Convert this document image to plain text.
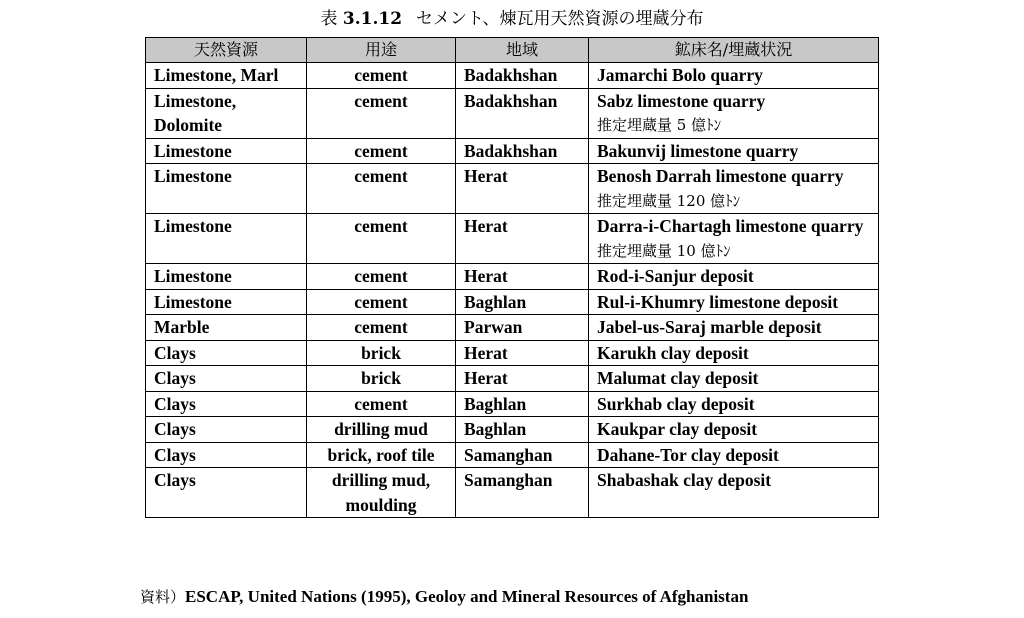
表 3.1.12 セメント、煉瓦用天然資源の埋蔵分布
天然資源	用途	地域	鉱床名/埋蔵状況
Limestone, Marl	cement	Badakhshan	Jamarchi Bolo quarry

Limestone, Dolomite	cement	Badakhshan	Sabz limestone quarry
推定埋蔵量 5 億ﾄﾝ

Limestone	cement	Badakhshan	Bakunvij limestone quarry

Limestone	cement	Herat	Benosh Darrah limestone quarry
推定埋蔵量 120 億ﾄﾝ

Limestone	cement	Herat	Darra-i-Chartagh limestone quarry
推定埋蔵量 10 億ﾄﾝ

Limestone	cement	Herat	Rod-i-Sanjur deposit

Limestone	cement	Baghlan	Rul-i-Khumry limestone deposit

Marble	cement	Parwan	Jabel-us-Saraj marble deposit

Clays	brick	Herat	Karukh clay deposit

Clays	brick	Herat	Malumat clay deposit

Clays	cement	Baghlan	Surkhab clay deposit

Clays	drilling mud	Baghlan	Kaukpar clay deposit

Clays	brick, roof tile	Samanghan	Dahane-Tor clay deposit

Clays	drilling mud, moulding	Samanghan	Shabashak clay deposit
資料）ESCAP, United Nations (1995), Geoloy and Mineral Resources of Afghanistan
